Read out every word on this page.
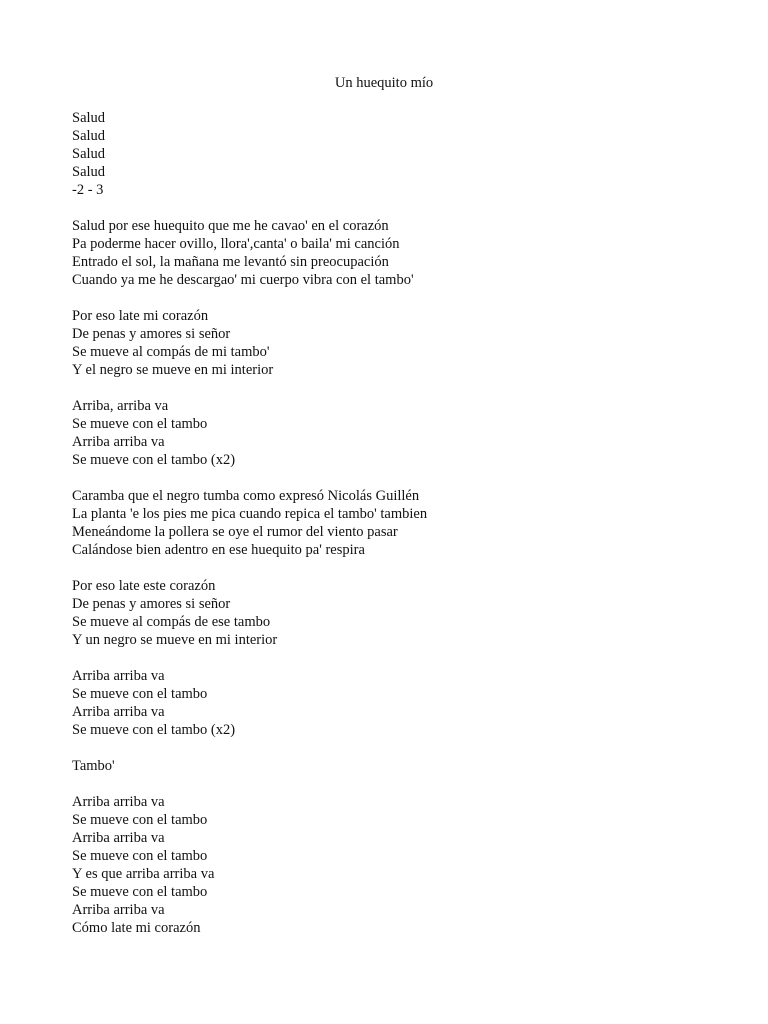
Un huequito mío
Salud
Salud
Salud
Salud
-2 - 3
Salud por ese huequito que me he cavao' en el corazón
Pa poderme hacer ovillo, llora',canta' o baila' mi canción
Entrado el sol, la mañana me levantó sin preocupación
Cuando ya me he descargao' mi cuerpo vibra con el tambo'
Por eso late mi corazón
De penas y amores si señor
Se mueve al compás de mi tambo'
Y el negro se mueve en mi interior
Arriba, arriba va
Se mueve con el tambo
Arriba arriba va
Se mueve con el tambo (x2)
Caramba que el negro tumba como expresó Nicolás Guillén
La planta 'e los pies me pica cuando repica el tambo' tambien
Meneándome la pollera se oye el rumor del viento pasar
Calándose bien adentro en ese huequito pa' respira
Por eso late este corazón
De penas y amores si señor
Se mueve al compás de ese tambo
Y un negro se mueve en mi interior
Arriba arriba va
Se mueve con el tambo
Arriba arriba va
Se mueve con el tambo (x2)
Tambo'
Arriba arriba va
Se mueve con el tambo
Arriba arriba va
Se mueve con el tambo
Y es que arriba arriba va
Se mueve con el tambo
Arriba arriba va
Cómo late mi corazón
